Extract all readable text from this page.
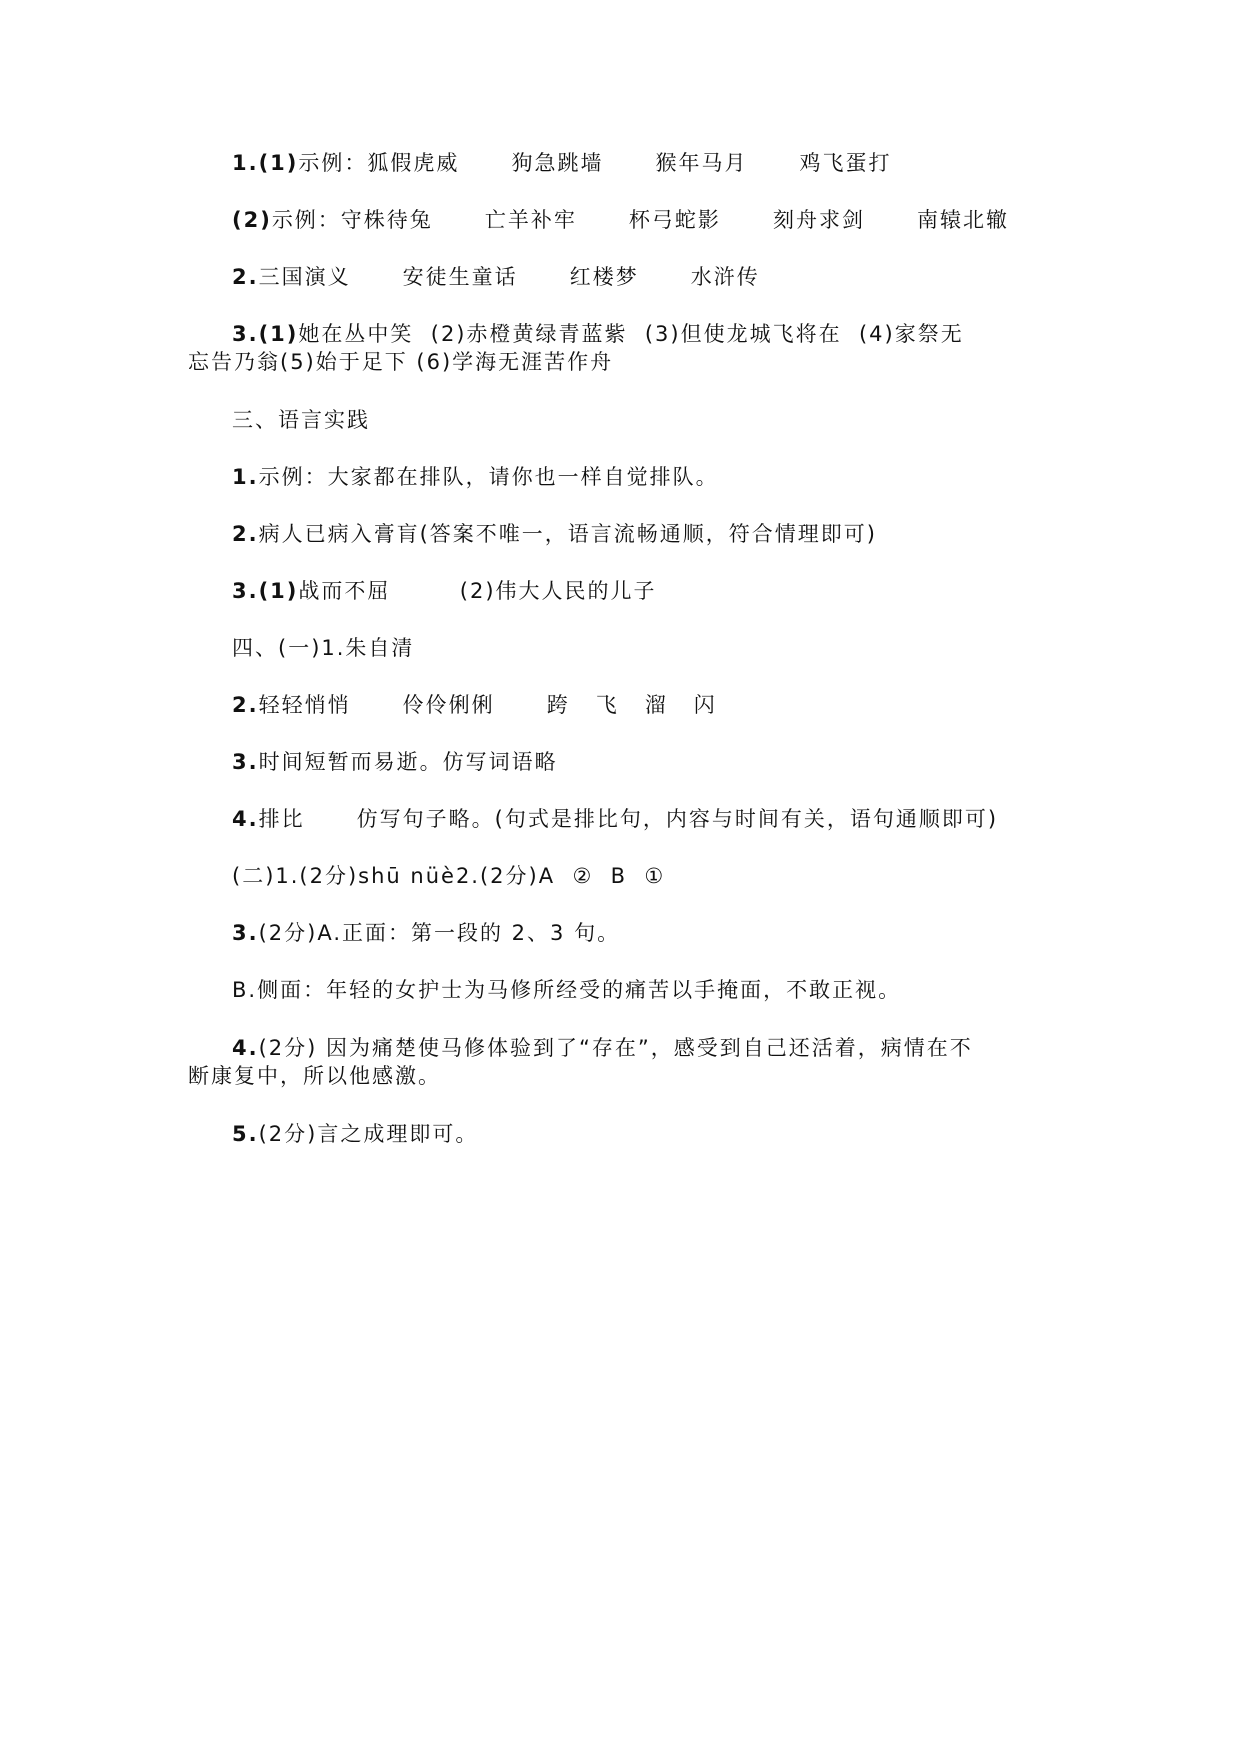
1.(1)示例：狐假虎威      狗急跳墙      猴年马月      鸡飞蛋打
(2)示例：守株待兔      亡羊补牢      杯弓蛇影      刻舟求剑      南辕北辙
2.三国演义      安徒生童话      红楼梦      水浒传
3.(1)她在丛中笑  (2)赤橙黄绿青蓝紫  (3)但使龙城飞将在  (4)家祭无
忘告乃翁(5)始于足下 (6)学海无涯苦作舟
三、语言实践
1.示例：大家都在排队，请你也一样自觉排队。
2.病人已病入膏肓(答案不唯一，语言流畅通顺，符合情理即可)
3.(1)战而不屈        (2)伟大人民的儿子
四、(一)1.朱自清
2.轻轻悄悄      伶伶俐俐      跨   飞   溜   闪
3.时间短暂而易逝。仿写词语略
4.排比      仿写句子略。(句式是排比句，内容与时间有关，语句通顺即可)
(二)1.(2分)shū nüè2.(2分)A  ②  B  ①
3.(2分)A.正面：第一段的 2、3 句。
B.侧面：年轻的女护士为马修所经受的痛苦以手掩面，不敢正视。
4.(2分) 因为痛楚使马修体验到了“存在”，感受到自己还活着，病情在不
断康复中，所以他感激。
5.(2分)言之成理即可。
